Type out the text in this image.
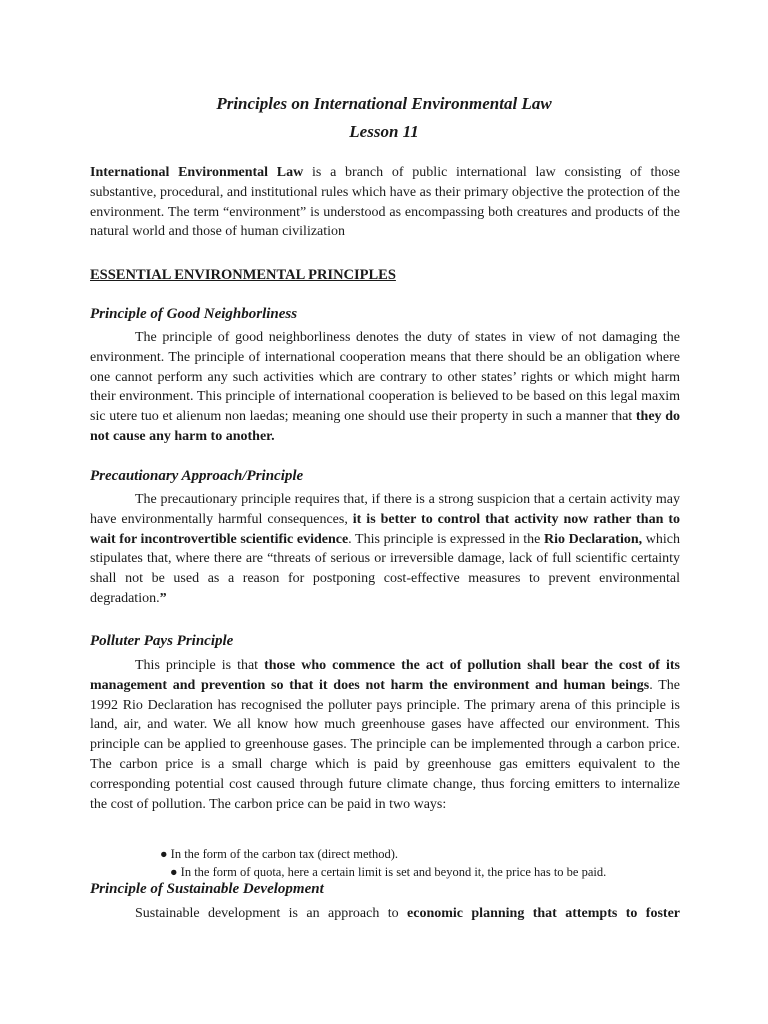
Principles on International Environmental Law
Lesson 11

International Environmental Law is a branch of public international law consisting of those substantive, procedural, and institutional rules which have as their primary objective the protection of the environment. The term “environment” is understood as encompassing both creatures and products of the natural world and those of human civilization

ESSENTIAL ENVIRONMENTAL PRINCIPLES

Principle of Good Neighborliness

The principle of good neighborliness denotes the duty of states in view of not damaging the environment. The principle of international cooperation means that there should be an obligation where one cannot perform any such activities which are contrary to other states’ rights or which might harm their environment. This principle of international cooperation is believed to be based on this legal maxim sic utere tuo et alienum non laedas; meaning one should use their property in such a manner that they do not cause any harm to another.

Precautionary Approach/Principle

The precautionary principle requires that, if there is a strong suspicion that a certain activity may have environmentally harmful consequences, it is better to control that activity now rather than to wait for incontrovertible scientific evidence. This principle is expressed in the Rio Declaration, which stipulates that, where there are “threats of serious or irreversible damage, lack of full scientific certainty shall not be used as a reason for postponing cost-effective measures to prevent environmental degradation.”

Polluter Pays Principle

This principle is that those who commence the act of pollution shall bear the cost of its management and prevention so that it does not harm the environment and human beings. The 1992 Rio Declaration has recognised the polluter pays principle. The primary arena of this principle is land, air, and water. We all know how much greenhouse gases have affected our environment. This principle can be applied to greenhouse gases. The principle can be implemented through a carbon price. The carbon price is a small charge which is paid by greenhouse gas emitters equivalent to the corresponding potential cost caused through future climate change, thus forcing emitters to internalize the cost of pollution. The carbon price can be paid in two ways:

● In the form of the carbon tax (direct method).

● In the form of quota, here a certain limit is set and beyond it, the price has to be paid.

Principle of Sustainable Development

Sustainable development is an approach to economic planning that attempts to foster
